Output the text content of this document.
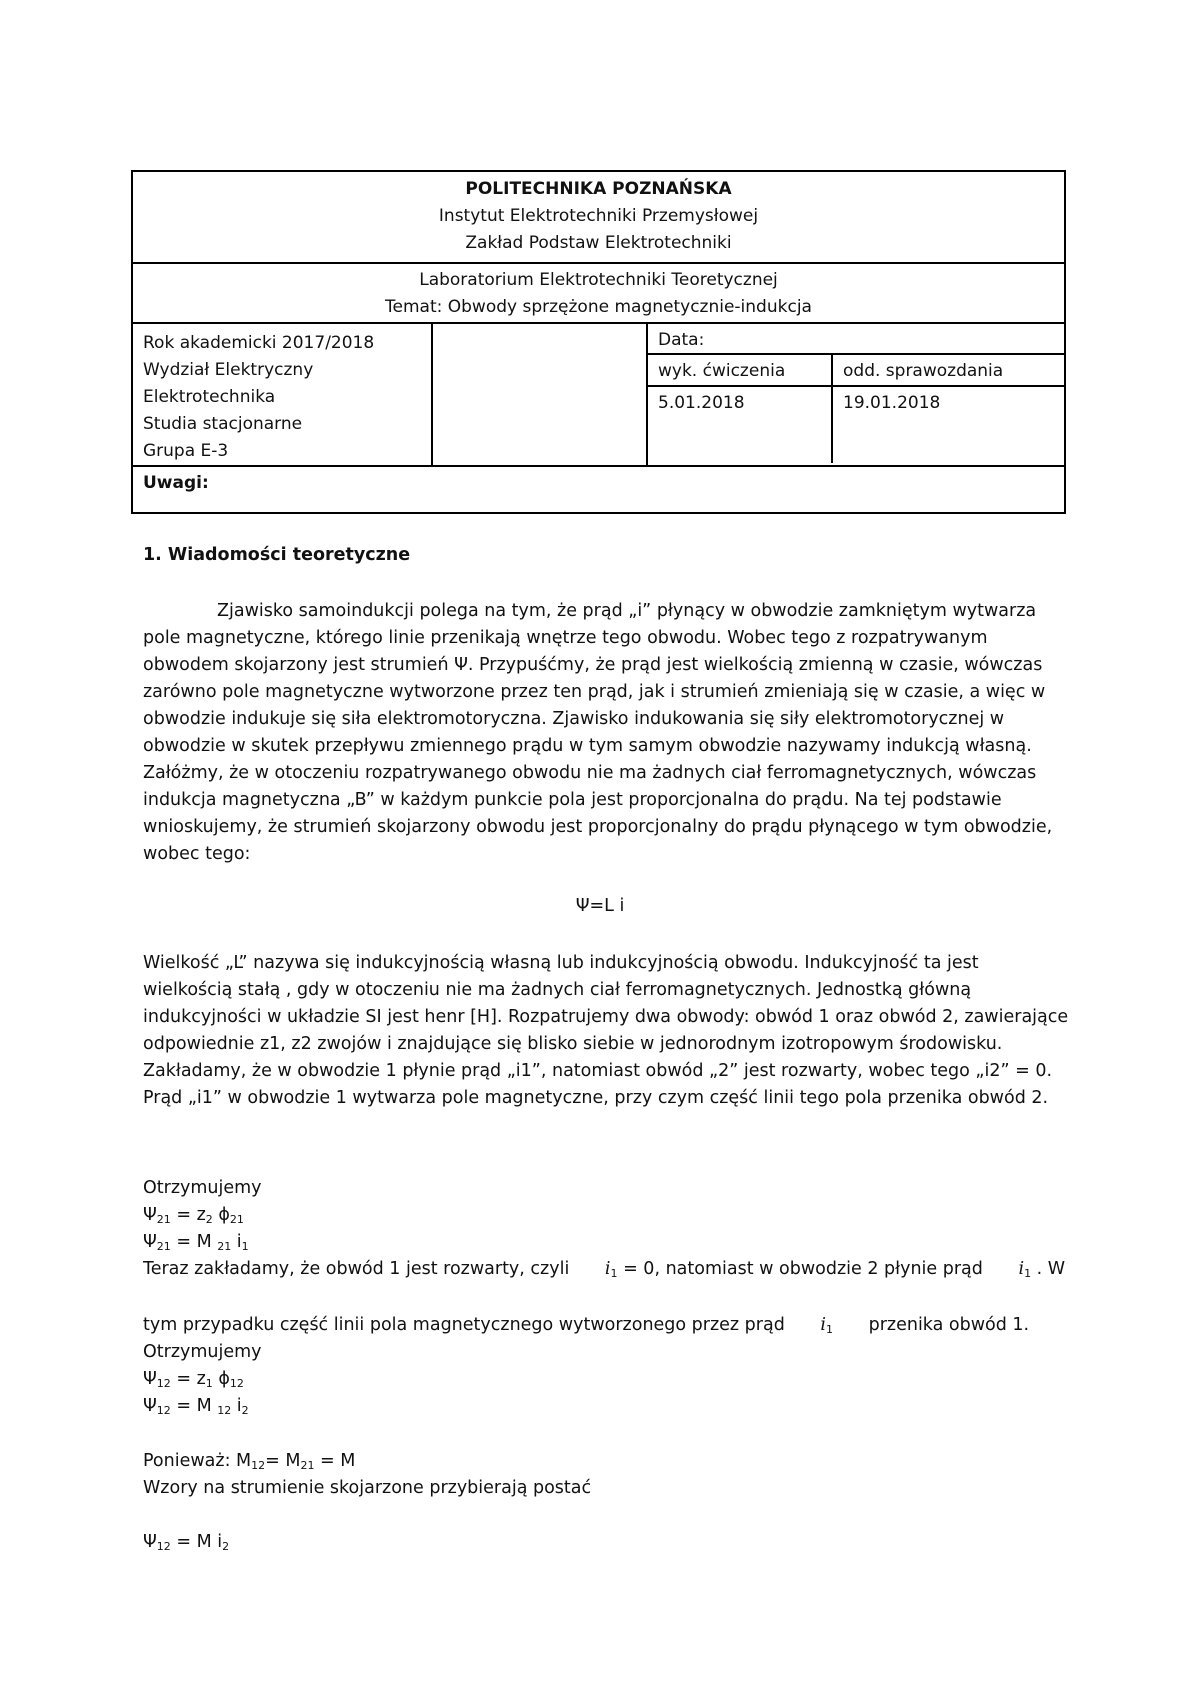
POLITECHNIKA POZNAŃSKA
Instytut Elektrotechniki Przemysłowej
Zakład Podstaw Elektrotechniki
Laboratorium Elektrotechniki Teoretycznej
Temat: Obwody sprzężone magnetycznie-indukcja
Rok akademicki 2017/2018
Wydział Elektryczny
Elektrotechnika
Studia stacjonarne
Grupa E-3
Data:
wyk. ćwiczenia	odd. sprawozdania
5.01.2018	19.01.2018
Uwagi:
1. Wiadomości teoretyczne
Zjawisko samoindukcji polega na tym, że prąd „i” płynący w obwodzie zamkniętym wytwarza pole magnetyczne, którego linie przenikają wnętrze tego obwodu. Wobec tego z rozpatrywanym obwodem skojarzony jest strumień Ψ. Przypuśćmy, że prąd jest wielkością zmienną w czasie, wówczas zarówno pole magnetyczne wytworzone przez ten prąd, jak i strumień zmieniają się w czasie, a więc w obwodzie indukuje się siła elektromotoryczna. Zjawisko indukowania się siły elektromotorycznej w obwodzie w skutek przepływu zmiennego prądu w tym samym obwodzie nazywamy indukcją własną. Załóżmy, że w otoczeniu rozpatrywanego obwodu nie ma żadnych ciał ferromagnetycznych, wówczas indukcja magnetyczna „B” w każdym punkcie pola jest proporcjonalna do prądu. Na tej podstawie wnioskujemy, że strumień skojarzony obwodu jest proporcjonalny do prądu płynącego w tym obwodzie, wobec tego:
Ψ=L i
Wielkość „L” nazywa się indukcyjnością własną lub indukcyjnością obwodu. Indukcyjność ta jest wielkością stałą , gdy w otoczeniu nie ma żadnych ciał ferromagnetycznych. Jednostką główną indukcyjności w układzie SI jest henr [H]. Rozpatrujemy dwa obwody: obwód 1 oraz obwód 2, zawierające odpowiednie z1, z2 zwojów i znajdujące się blisko siebie w jednorodnym izotropowym środowisku. Zakładamy, że w obwodzie 1 płynie prąd „i1”, natomiast obwód „2” jest rozwarty, wobec tego „i2” = 0. Prąd „i1” w obwodzie 1 wytwarza pole magnetyczne, przy czym część linii tego pola przenika obwód 2.
Otrzymujemy
$\Psi_{21} = z_2$ $\phi_{21}$
$\Psi_{21} = M$ $_{21}$ $i_1$
Teraz zakładamy, że obwód 1 jest rozwarty, czyli $i_1 = 0$, natomiast w obwodzie 2 płynie prąd $i_1$ . W
tym przypadku część linii pola magnetycznego wytworzonego przez prąd $i_1$ przenika obwód 1.
Otrzymujemy
$\Psi_{12} = z_1$ $\phi_{12}$
$\Psi_{12} = M$ $_{12}$ $i_2$
Ponieważ: $M_{12}= M_{21} = M$
Wzory na strumienie skojarzone przybierają postać
$\Psi_{12} = M$ $i_2$
